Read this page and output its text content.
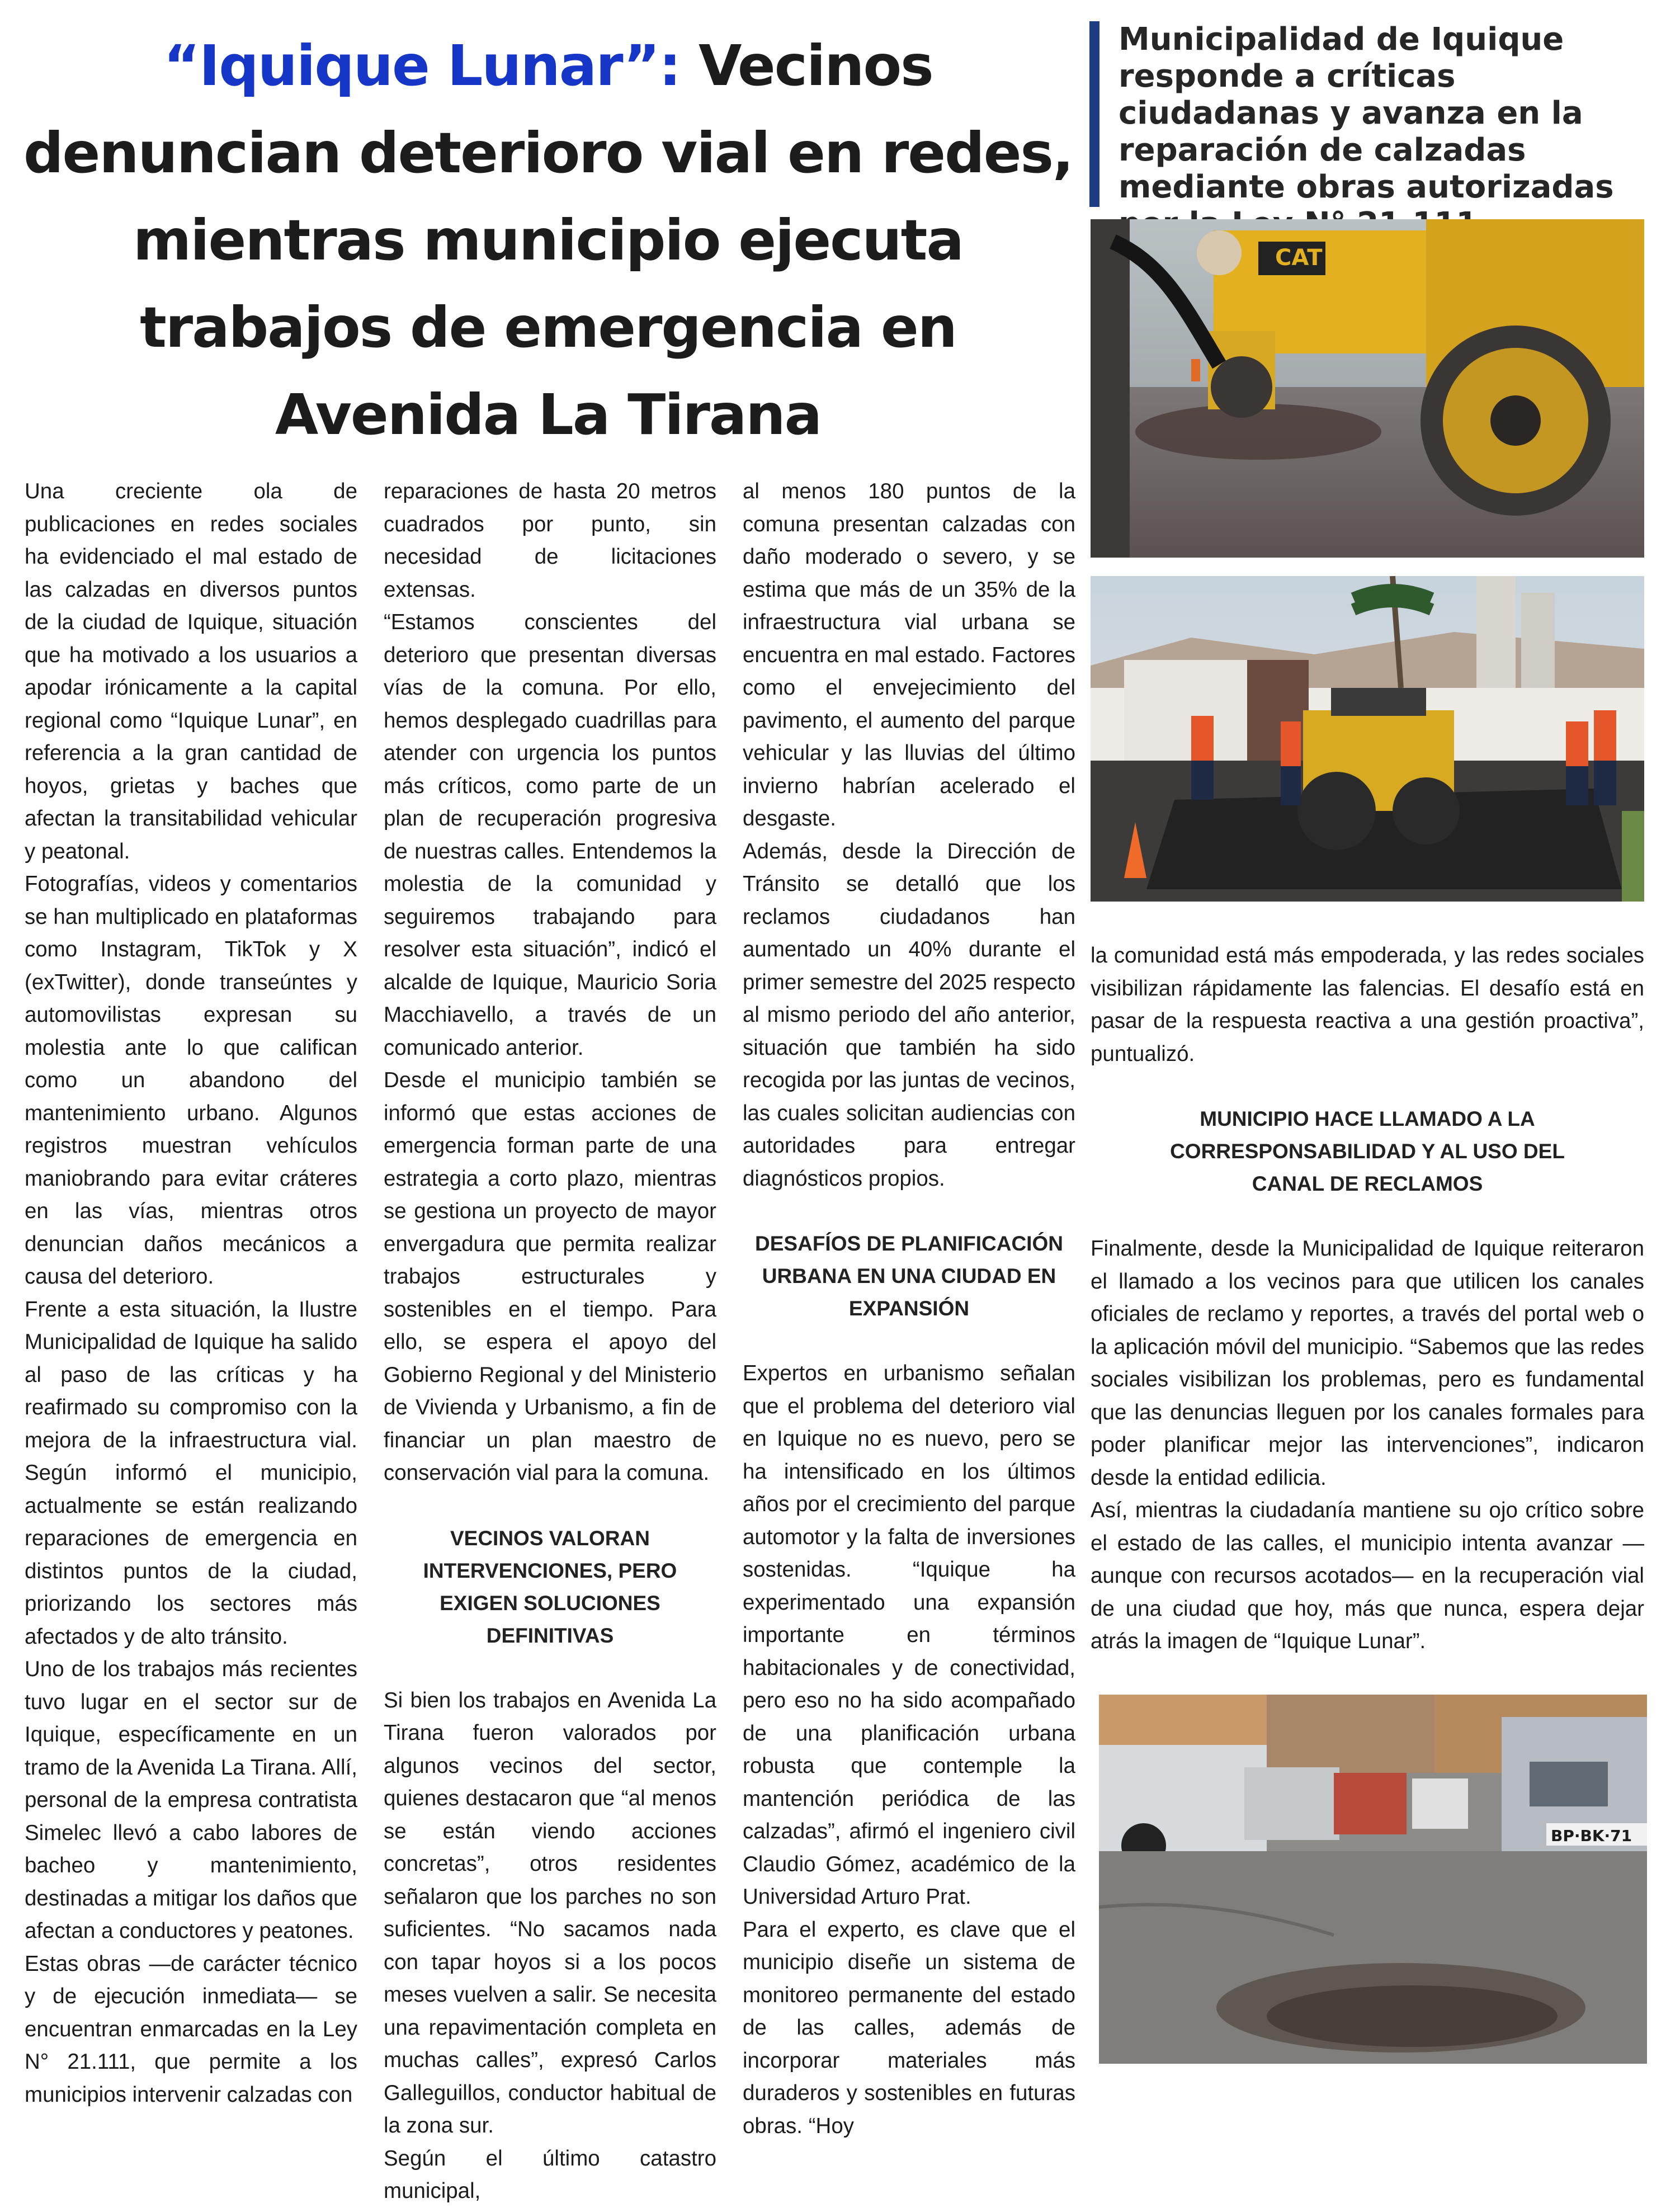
“Iquique Lunar”: Vecinos denuncian deterioro vial en redes, mientras municipio ejecuta trabajos de emergencia en Avenida La Tirana

Municipalidad de Iquique responde a críticas ciudadanas y avanza en la reparación de calzadas mediante obras autorizadas

CAT
BP·BK·71

Una creciente ola de publicaciones en redes sociales ha evidenciado el mal estado de las calzadas en diversos puntos de la ciudad de Iquique, situación que ha motivado a los usuarios a apodar irónicamente a la capital regional como “Iquique Lunar”, en referencia a la gran cantidad de hoyos, grietas y baches que afectan la transitabilidad vehicular y peatonal.

Fotografías, videos y comentarios se han multiplicado en plataformas como Instagram, TikTok y X (exTwitter), donde transeúntes y automovilistas expresan su molestia ante lo que califican como un abandono del mantenimiento urbano. Algunos registros muestran vehículos maniobrando para evitar cráteres en las vías, mientras otros denuncian daños mecánicos a causa del deterioro.

Frente a esta situación, la Ilustre Municipalidad de Iquique ha salido al paso de las críticas y ha reafirmado su compromiso con la mejora de la infraestructura vial. Según informó el municipio, actualmente se están realizando reparaciones de emergencia en distintos puntos de la ciudad, priorizando los sectores más afectados y de alto tránsito.

Uno de los trabajos más recientes tuvo lugar en el sector sur de Iquique, específicamente en un tramo de la Avenida La Tirana. Allí, personal de la empresa contratista Simelec llevó a cabo labores de bacheo y mantenimiento, destinadas a mitigar los daños que afectan a conductores y peatones.

Estas obras —de carácter técnico y de ejecución inmediata— se encuentran enmarcadas en la Ley N° 21.111, que permite a los municipios intervenir calzadas con

reparaciones de hasta 20 metros cuadrados por punto, sin necesidad de licitaciones extensas.

“Estamos conscientes del deterioro que presentan diversas vías de la comuna. Por ello, hemos desplegado cuadrillas para atender con urgencia los puntos más críticos, como parte de un plan de recuperación progresiva de nuestras calles. Entendemos la molestia de la comunidad y seguiremos trabajando para resolver esta situación”, indicó el alcalde de Iquique, Mauricio Soria Macchiavello, a través de un comunicado anterior.

Desde el municipio también se informó que estas acciones de emergencia forman parte de una estrategia a corto plazo, mientras se gestiona un proyecto de mayor envergadura que permita realizar trabajos estructurales y sostenibles en el tiempo. Para ello, se espera el apoyo del Gobierno Regional y del Ministerio de Vivienda y Urbanismo, a fin de financiar un plan maestro de conservación vial para la comuna.

VECINOS VALORAN INTERVENCIONES, PERO EXIGEN SOLUCIONES DEFINITIVAS

Si bien los trabajos en Avenida La Tirana fueron valorados por algunos vecinos del sector, quienes destacaron que “al menos se están viendo acciones concretas”, otros residentes señalaron que los parches no son suficientes. “No sacamos nada con tapar hoyos si a los pocos meses vuelven a salir. Se necesita una repavimentación completa en muchas calles”, expresó Carlos Galleguillos, conductor habitual de la zona sur.

Según el último catastro municipal,

al menos 180 puntos de la comuna presentan calzadas con daño moderado o severo, y se estima que más de un 35% de la infraestructura vial urbana se encuentra en mal estado. Factores como el envejecimiento del pavimento, el aumento del parque vehicular y las lluvias del último invierno habrían acelerado el desgaste.

Además, desde la Dirección de Tránsito se detalló que los reclamos ciudadanos han aumentado un 40% durante el primer semestre del 2025 respecto al mismo periodo del año anterior, situación que también ha sido recogida por las juntas de vecinos, las cuales solicitan audiencias con autoridades para entregar diagnósticos propios.

DESAFÍOS DE PLANIFICACIÓN URBANA EN UNA CIUDAD EN EXPANSIÓN

Expertos en urbanismo señalan que el problema del deterioro vial en Iquique no es nuevo, pero se ha intensificado en los últimos años por el crecimiento del parque automotor y la falta de inversiones sostenidas. “Iquique ha experimentado una expansión importante en términos habitacionales y de conectividad, pero eso no ha sido acompañado de una planificación urbana robusta que contemple la mantención periódica de las calzadas”, afirmó el ingeniero civil Claudio Gómez, académico de la Universidad Arturo Prat.

Para el experto, es clave que el municipio diseñe un sistema de monitoreo permanente del estado de las calles, además de incorporar materiales más duraderos y sostenibles en futuras obras. “Hoy

la comunidad está más empoderada, y las redes sociales visibilizan rápidamente las falencias. El desafío está en pasar de la respuesta reactiva a una gestión proactiva”, puntualizó.

MUNICIPIO HACE LLAMADO A LA CORRESPONSABILIDAD Y AL USO DEL CANAL DE RECLAMOS

Finalmente, desde la Municipalidad de Iquique reiteraron el llamado a los vecinos para que utilicen los canales oficiales de reclamo y reportes, a través del portal web o la aplicación móvil del municipio. “Sabemos que las redes sociales visibilizan los problemas, pero es fundamental que las denuncias lleguen por los canales formales para poder planificar mejor las intervenciones”, indicaron desde la entidad edilicia.

Así, mientras la ciudadanía mantiene su ojo crítico sobre el estado de las calles, el municipio intenta avanzar —aunque con recursos acotados— en la recuperación vial de una ciudad que hoy, más que nunca, espera dejar atrás la imagen de “Iquique Lunar”.
